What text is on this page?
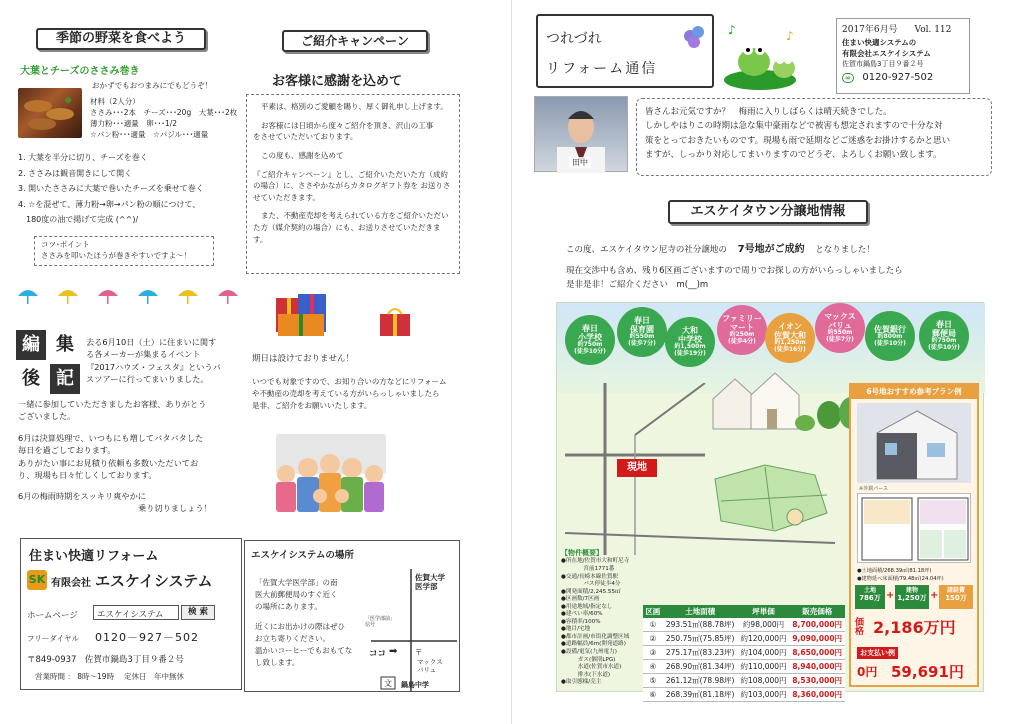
季節の野菜を食べよう
大葉とチーズのささみ巻き
おかずでもおつまみにでもどうぞ！
材料（2人分）
ささみ･･･2本　チーズ･･･20g　大葉･･･2枚
薄力粉･･･適量　卵･･･1/2
☆パン粉･･･適量　☆パジル･･･適量
1. 大葉を半分に切り、チーズを巻く
2. ささみは観音開きにして開く
3. 開いたささみに大葉で巻いたチーズを乗せて巻く
4. ☆を混ぜて、薄力粉→卵→パン粉の順につけて、
180度の油で揚げて完成 (^^)/
コツ･ポイント
ささみを叩いたほうが巻きやすいですよ～！
編 集
後 記
去る6月10日（土）に住まいに関す
る各メーカーが集まるイベント
『2017ハウズ・フェスタ』というバ
スツアーに行ってまいりました。
一緒に参加していただきましたお客様、ありがとう
ございました。
6月は決算処理で、いつもにも増してバタバタした
毎日を過ごしております。
ありがたい事にお見積り依頼も多数いただいてお
り、現場も日々忙しくしております。
6月の梅雨時期をスッキリ爽やかに
乗り切りましょう！
住まい快適リフォーム
SK 有限会社 エスケイシステム
ホームページ	エスケイシステム	検 索
フリーダイヤル 0120－927－502
〒849-0937　佐賀市鍋島3丁目９番２号
営業時間 ： 8時～19時　 定休日　年中無休
ご紹介キャンペーン
お客様に感謝を込めて
平素は、格別のご愛顧を賜り、厚く御礼申し上げます。
お客様には日頃から度々ご紹介を頂き、沢山の工事
をさせていただいております。
この度も、感謝を込めて
『ご紹介キャンペーン』とし、ご紹介いただいた方（成約
の場合）に、ささやかながらカタログギフト券を お送りさ
せていただきます。
また、不動産売却を考えられている方をご紹介いただい
た方（媒介契約の場合）にも、お送りさせていただきます。
期日は設けておりません！
いつでも対象ですので、お知り合いの方などにリフォーム
や不動産の売却を考えている方がいらっしゃいましたら
是非、ご紹介をお願いいたします。
エスケイシステムの場所
「佐賀大学医学部」の南
医大前郵便局のすぐ近く
の場所にあります。
近くにお出かけの際はぜひ
お立ち寄りください。
温かいコーヒーでもおもてな
し致します。
佐賀大学
医学部
「医学部前」
信号
ココ ➡ 〒
マックス
バリュ
文 鍋島中学
つれづれ
リフォーム通信
♪	♪	2017年6月号 Vol. 112
住まい快適システムの
有限会社エスケイシステム
佐賀市鍋島3丁目９番２号
∞ 0120-927-502
田中
皆さんお元気ですか？　梅雨に入りしばらくは晴天続きでした。
しかしやはりこの時期は急な集中豪雨などで被害も想定されますので十分な対
策をとっておきたいものです。現場も雨で延期などご迷惑をお掛けするかと思い
ますが、しっかり対応してまいりますのでどうぞ、よろしくお願い致します。
エスケイタウン分譲地情報
この度、エスケイタウン尼寺の社分譲地の 7号地がご成約 となりました！
現在交渉中も含め、残り6区画ございますので周りでお探しの方がいらっしゃいましたら
是非是非！ご紹介ください　m(__)m
春日
小学校
約750m
(徒歩10分)
春日
保育園
約550m
(徒歩7分)
大和
中学校
約1,500m
(徒歩19分)
ファミリー
マート
約250m
(徒歩4分)
イオン
佐賀大和
約1,250m
(徒歩16分)
マックス
バリュ
約550m
(徒歩7分)
佐賀銀行
約800m
(徒歩10分)
春日
郵便局
約750m
(徒歩10分)
現地
【物件概要】
●所在地/佐賀市大和町尼寺
　　　　宮前1771番
●交通/長崎本線佐賀駅
　　　　バス停徒歩4分
●開発面積/2,245.55㎡
●区画数/7区画
●用途地域/指定なし
●建ぺい率/60%
●容積率/100%
●地目/宅地
●都市計画/市街化調整区域
●道路幅員/6m(開発道路)
●設備/電気(九州電力)
　　　ガス(個別LPG)
　　　水道(佐賀市水道)
　　　排水(下水道)
●取引態様/売主
区画	土地面積	坪単価	販売価格
①	293.51㎡(88.78坪)	約98,000円	8,700,000円
②	250.75㎡(75.85坪)	約120,000円	9,090,000円
③	275.17㎡(83.23坪)	約104,000円	8,650,000円
④	268.90㎡(81.34坪)	約110,000円	8,940,000円
⑤	261.12㎡(78.98坪)	約108,000円	8,530,000円
⑥	268.39㎡(81.18坪)	約103,000円	8,360,000円
6号地おすすめ参考プラン例
※外観パース
●土地面積/268.39㎡(81.18坪)
●建物延べ床面積/79.48㎡(24.04坪)
土地
786万 +	建物
1,250万 +	諸経費
150万
価格 2,186万円
お支払い例
0円 59,691円
